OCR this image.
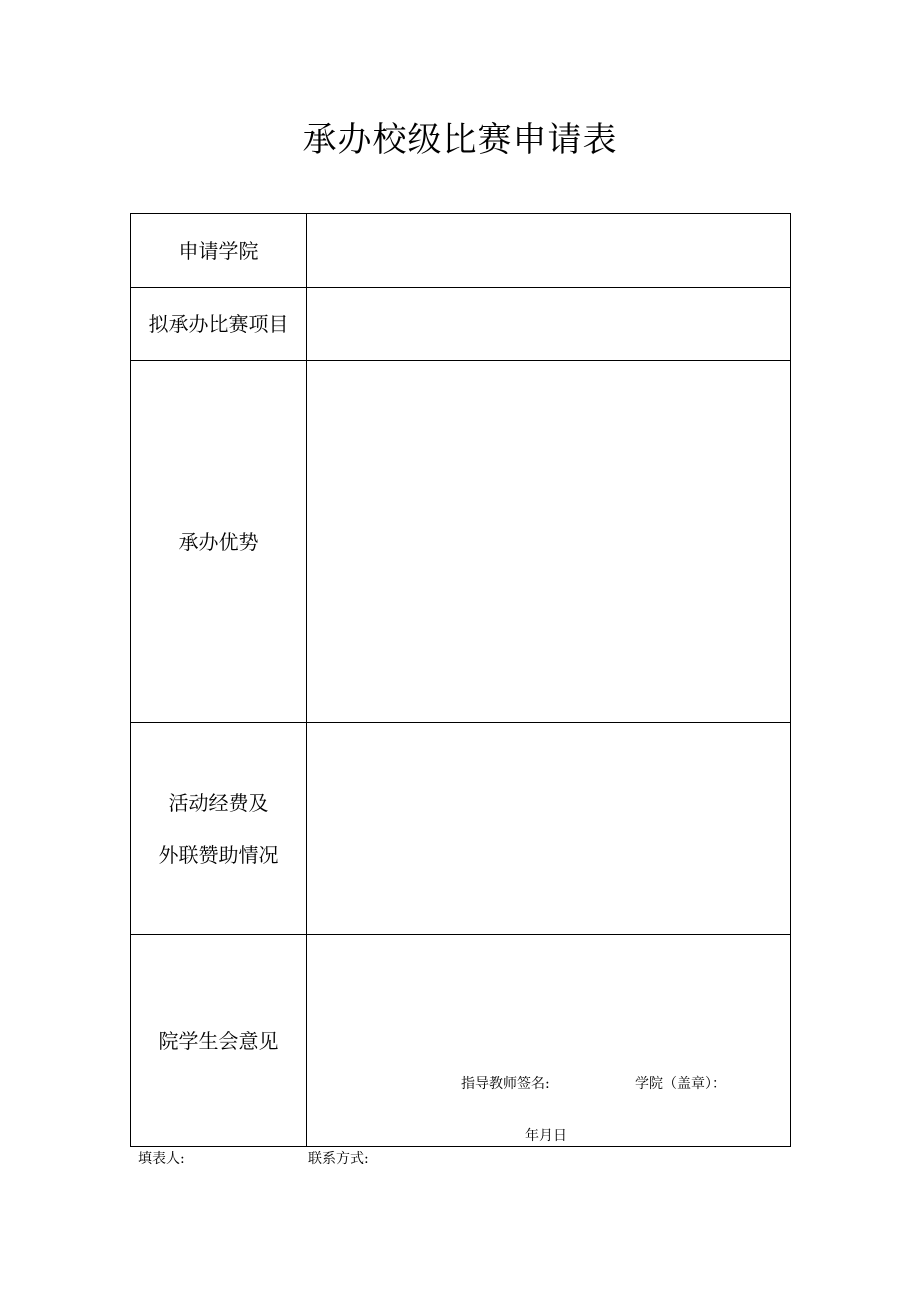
承办校级比赛申请表
申请学院
拟承办比赛项目
承办优势
活动经费及
外联赞助情况
院学生会意见
指导教师签名:	学院（盖章）：
年月日
填表人:	联系方式:
